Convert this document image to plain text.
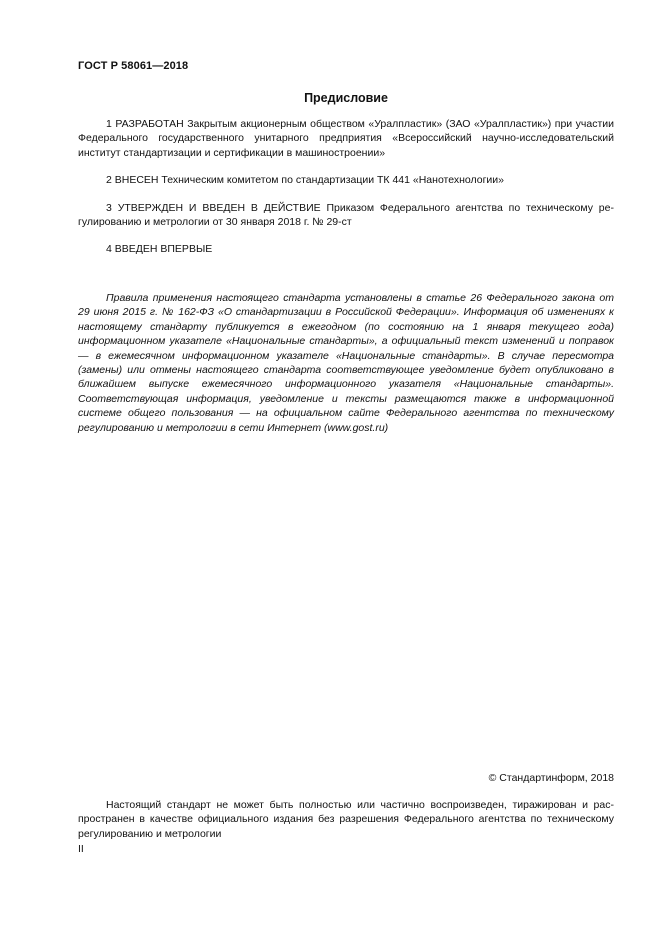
ГОСТ Р 58061—2018
Предисловие
1 РАЗРАБОТАН Закрытым акционерным обществом «Уралпластик» (ЗАО «Уралпластик») при участии Федерального государственного унитарного предприятия «Всероссийский научно-исследовательский институт стандартизации и сертификации в машиностроении»
2 ВНЕСЕН Техническим комитетом по стандартизации ТК 441 «Нанотехнологии»
3 УТВЕРЖДЕН И ВВЕДЕН В ДЕЙСТВИЕ Приказом Федерального агентства по техническому регулированию и метрологии от 30 января 2018 г. № 29-ст
4 ВВЕДЕН ВПЕРВЫЕ
Правила применения настоящего стандарта установлены в статье 26 Федерального закона от 29 июня 2015 г. № 162-ФЗ «О стандартизации в Российской Федерации». Информация об изменениях к настоящему стандарту публикуется в ежегодном (по состоянию на 1 января текущего года) информационном указателе «Национальные стандарты», а официальный текст изменений и поправок — в ежемесячном информационном указателе «Национальные стандарты». В случае пересмотра (замены) или отмены настоящего стандарта соответствующее уведомление будет опубликовано в ближайшем выпуске ежемесячного информационного указателя «Национальные стандарты». Соответствующая информация, уведомление и тексты размещаются также в информационной системе общего пользования — на официальном сайте Федерального агентства по техническому регулированию и метрологии в сети Интернет (www.gost.ru)
© Стандартинформ, 2018
Настоящий стандарт не может быть полностью или частично воспроизведен, тиражирован и распространен в качестве официального издания без разрешения Федерального агентства по техническому регулированию и метрологии
II
